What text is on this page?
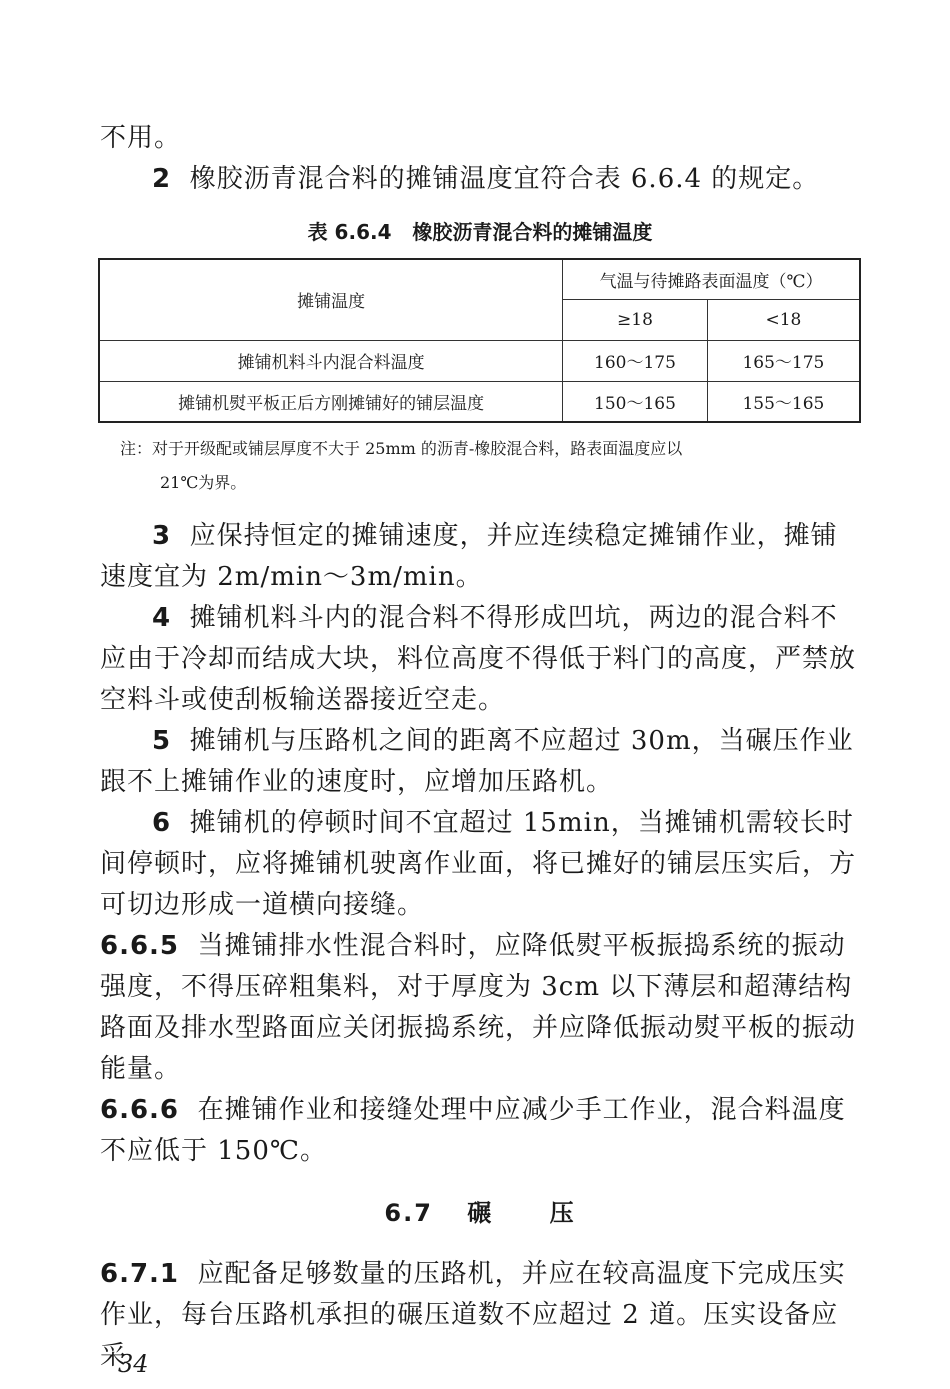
不用。

2 橡胶沥青混合料的摊铺温度宜符合表 6.6.4 的规定。

表 6.6.4 橡胶沥青混合料的摊铺温度
摊铺温度	气温与待摊路表面温度（℃）	
	≥18	<18
摊铺机料斗内混合料温度	160～175	165～175
摊铺机熨平板正后方刚摊铺好的铺层温度	150～165	155～165
注：对于开级配或铺层厚度不大于 25mm 的沥青-橡胶混合料，路表面温度应以
21℃为界。

3 应保持恒定的摊铺速度，并应连续稳定摊铺作业，摊铺速度宜为 2m/min～3m/min。

4 摊铺机料斗内的混合料不得形成凹坑，两边的混合料不应由于冷却而结成大块，料位高度不得低于料门的高度，严禁放空料斗或使刮板输送器接近空走。

5 摊铺机与压路机之间的距离不应超过 30m，当碾压作业跟不上摊铺作业的速度时，应增加压路机。

6 摊铺机的停顿时间不宜超过 15min，当摊铺机需较长时间停顿时，应将摊铺机驶离作业面，将已摊好的铺层压实后，方可切边形成一道横向接缝。

6.6.5 当摊铺排水性混合料时，应降低熨平板振捣系统的振动强度，不得压碎粗集料，对于厚度为 3cm 以下薄层和超薄结构路面及排水型路面应关闭振捣系统，并应降低振动熨平板的振动能量。

6.6.6 在摊铺作业和接缝处理中应减少手工作业，混合料温度不应低于 150℃。

6.7 碾 压

6.7.1 应配备足够数量的压路机，并应在较高温度下完成压实作业，每台压路机承担的碾压道数不应超过 2 道。压实设备应采

34
